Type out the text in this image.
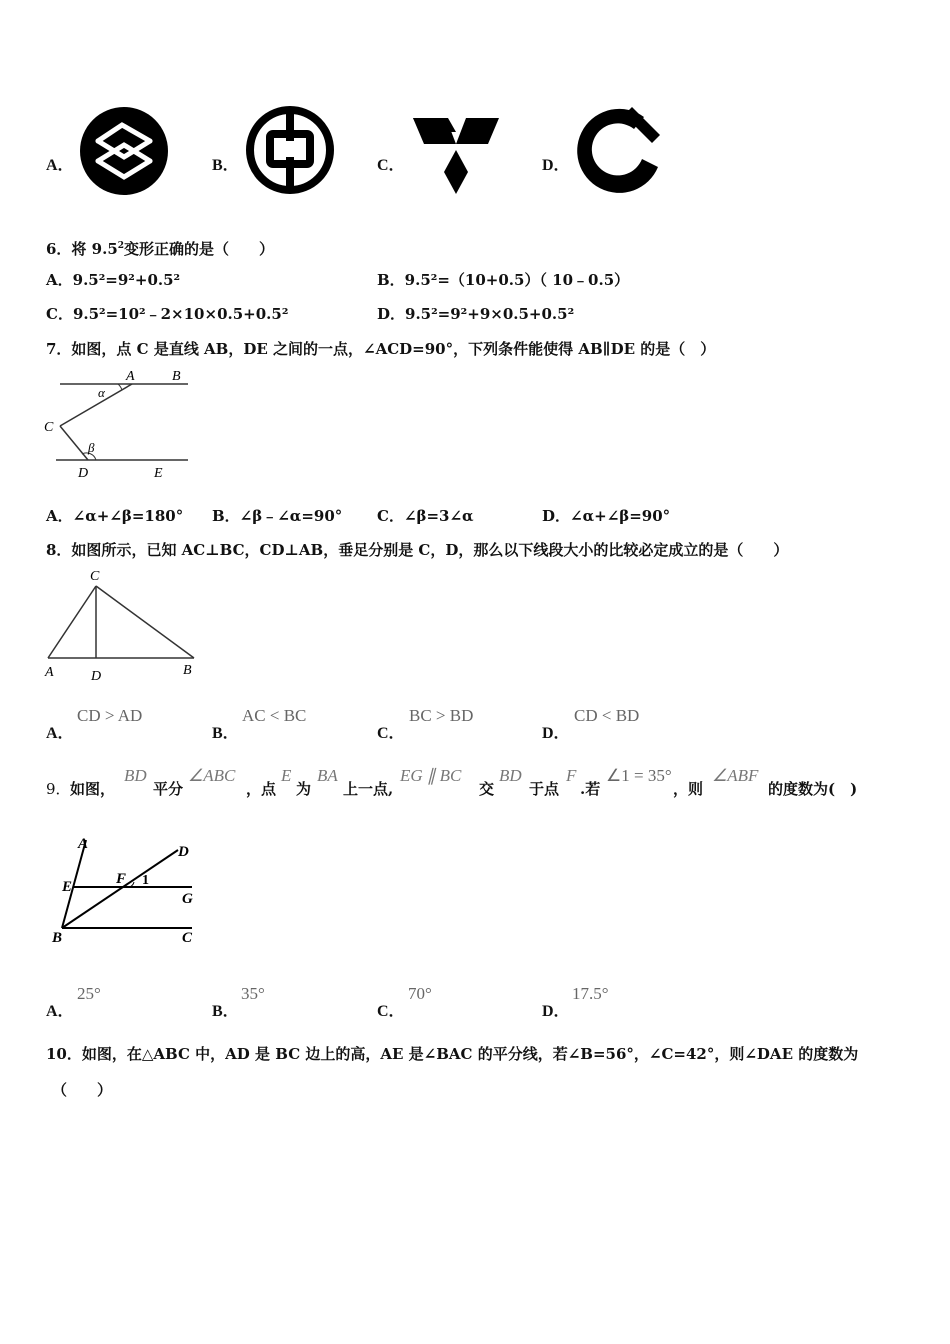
A．	B．	C．	D．
6．将 $9.5^2$变形正确的是（　　）
A．9.5²=9²+0.5²	B．9.5²=（10+0.5）（ 10﹣0.5）
C．9.5²=10²﹣2×10×0.5+0.5²	D．9.5²=9²+9×0.5+0.5²
7．如图，点 C 是直线 AB，DE 之间的一点，∠ACD=90°，下列条件能使得 AB∥DE 的是（　）
A	B
C
D	E
α
β
A．∠α+∠β=180° B．∠β﹣∠α=90° C．∠β=3∠α	D．∠α+∠β=90°
8．如图所示，已知 AC⊥BC，CD⊥AB，垂足分别是 C，D，那么以下线段大小的比较必定成立的是（　　）
C
A	D	B
A．
CD > AD
B．
AC < BC
C．
BC > BD
D．
CD < BD
9． 如图，
BD
平分
∠ABC
，点
E
为
BA
上一点,
EG ∥ BC
交
BD
于点
F
.若
∠1 = 35°
，则
∠ABF
的度数为(　)
A	D
E	F 1
G
B	C
A．
25°
B．
35°
C．
70°
D．
17.5°
10．如图，在△ABC 中，AD 是 BC 边上的高，AE 是∠BAC 的平分线，若∠B=56°，∠C=42°，则∠DAE 的度数为
（　　）
